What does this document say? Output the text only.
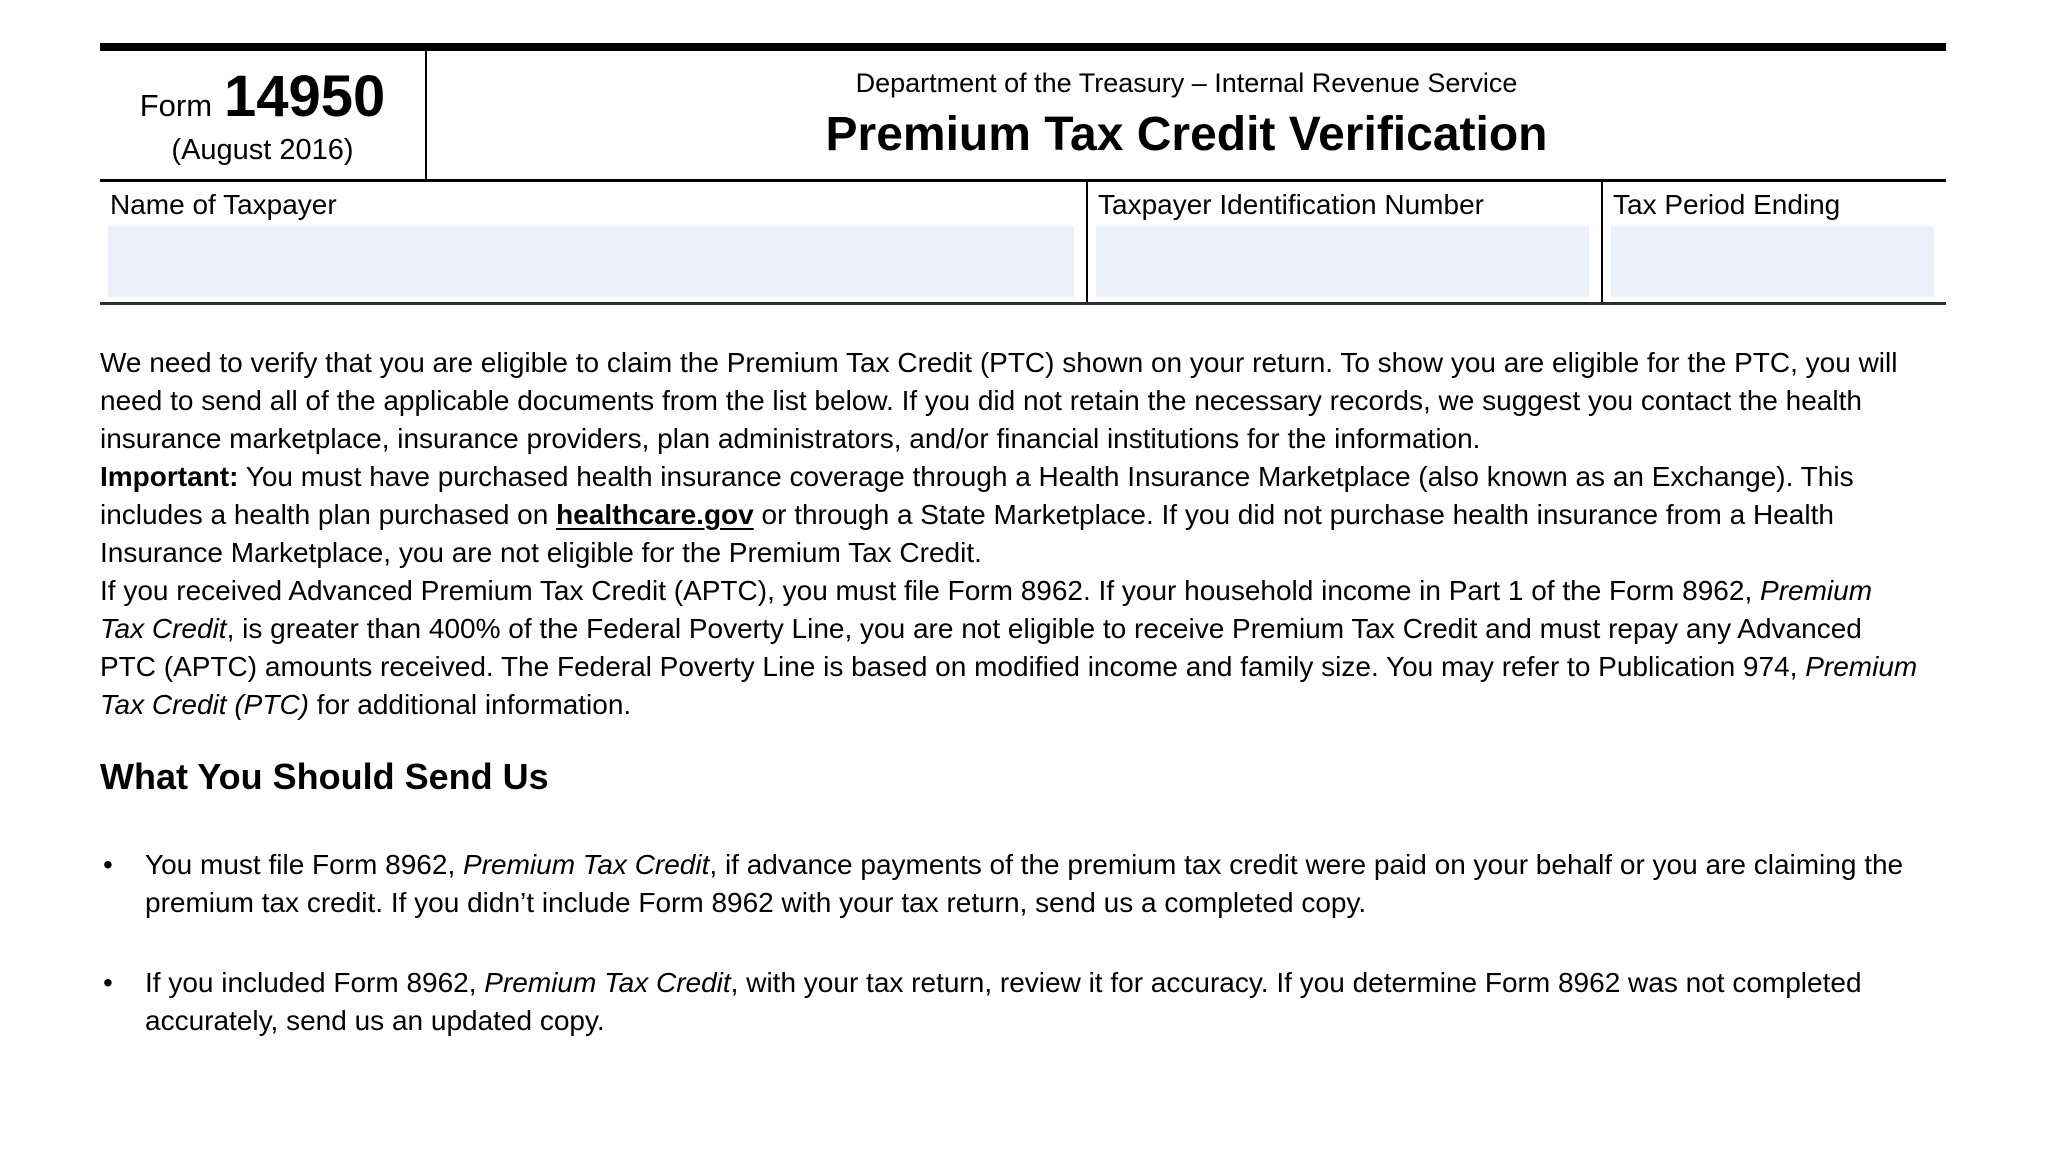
Form 14950
(August 2016)
Department of the Treasury – Internal Revenue Service
Premium Tax Credit Verification
Name of Taxpayer	Taxpayer Identification Number	Tax Period Ending

We need to verify that you are eligible to claim the Premium Tax Credit (PTC) shown on your return. To show you are eligible for the PTC, you will need to send all of the applicable documents from the list below. If you did not retain the necessary records, we suggest you contact the health insurance marketplace, insurance providers, plan administrators, and/or financial institutions for the information.

Important: You must have purchased health insurance coverage through a Health Insurance Marketplace (also known as an Exchange). This includes a health plan purchased on healthcare.gov or through a State Marketplace. If you did not purchase health insurance from a Health Insurance Marketplace, you are not eligible for the Premium Tax Credit.

If you received Advanced Premium Tax Credit (APTC), you must file Form 8962. If your household income in Part 1 of the Form 8962, Premium Tax Credit, is greater than 400% of the Federal Poverty Line, you are not eligible to receive Premium Tax Credit and must repay any Advanced PTC (APTC) amounts received. The Federal Poverty Line is based on modified income and family size. You may refer to Publication 974, Premium Tax Credit (PTC) for additional information.

What You Should Send Us
•	You must file Form 8962, Premium Tax Credit, if advance payments of the premium tax credit were paid on your behalf or you are claiming the premium tax credit. If you didn’t include Form 8962 with your tax return, send us a completed copy.
•	If you included Form 8962, Premium Tax Credit, with your tax return, review it for accuracy. If you determine Form 8962 was not completed accurately, send us an updated copy.
